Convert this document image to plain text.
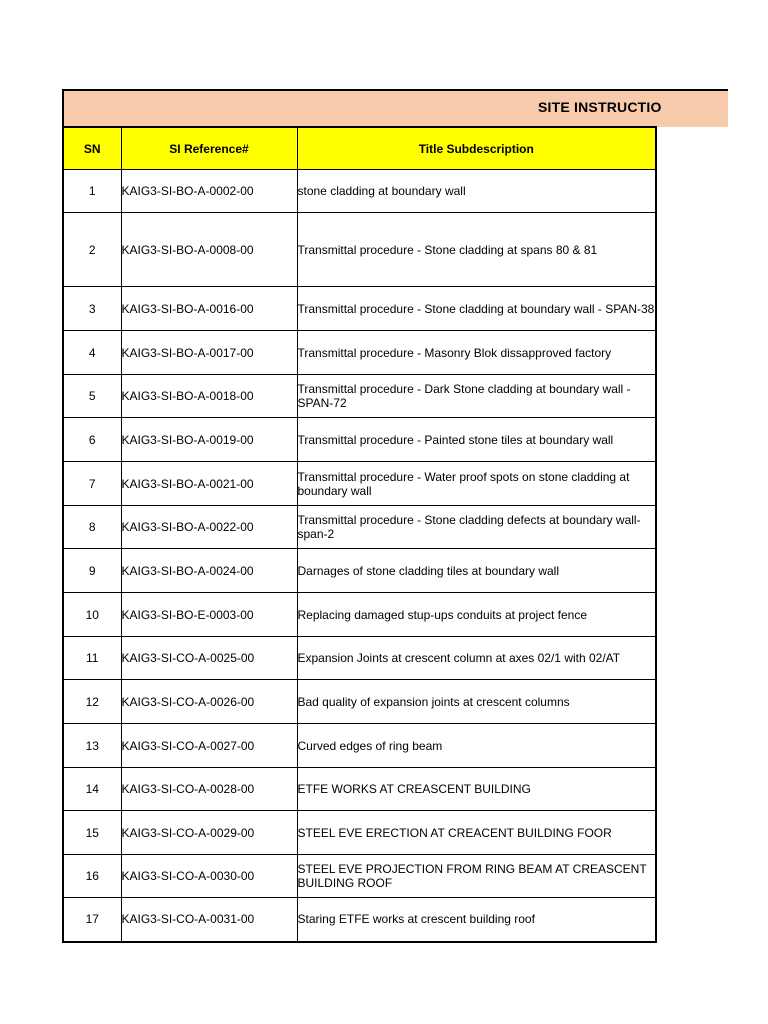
SITE INSTRUCTIO
SN	SI Reference#	Title Subdescription
1	KAIG3-SI-BO-A-0002-00	stone cladding at boundary wall
2	KAIG3-SI-BO-A-0008-00	Transmittal procedure - Stone cladding at spans 80 & 81
3	KAIG3-SI-BO-A-0016-00	Transmittal procedure - Stone cladding at boundary wall - SPAN-38
4	KAIG3-SI-BO-A-0017-00	Transmittal procedure - Masonry Blok dissapproved factory
5	KAIG3-SI-BO-A-0018-00	Transmittal procedure - Dark Stone cladding at boundary wall - SPAN-72
6	KAIG3-SI-BO-A-0019-00	Transmittal procedure - Painted stone tiles at boundary wall
7	KAIG3-SI-BO-A-0021-00	Transmittal procedure - Water proof spots on stone cladding at boundary wall
8	KAIG3-SI-BO-A-0022-00	Transmittal procedure - Stone cladding defects at boundary wall-span-2
9	KAIG3-SI-BO-A-0024-00	Darnages of stone cladding tiles at boundary wall
10	KAIG3-SI-BO-E-0003-00	Replacing damaged stup-ups conduits at project fence
11	KAIG3-SI-CO-A-0025-00	Expansion Joints at crescent column at axes 02/1 with 02/AT
12	KAIG3-SI-CO-A-0026-00	Bad quality of expansion joints at crescent columns
13	KAIG3-SI-CO-A-0027-00	Curved edges of ring beam
14	KAIG3-SI-CO-A-0028-00	ETFE WORKS AT CREASCENT BUILDING
15	KAIG3-SI-CO-A-0029-00	STEEL EVE ERECTION AT CREACENT BUILDING FOOR
16	KAIG3-SI-CO-A-0030-00	STEEL EVE PROJECTION FROM RING BEAM AT CREASCENT BUILDING ROOF
17	KAIG3-SI-CO-A-0031-00	Staring ETFE works at crescent building roof
